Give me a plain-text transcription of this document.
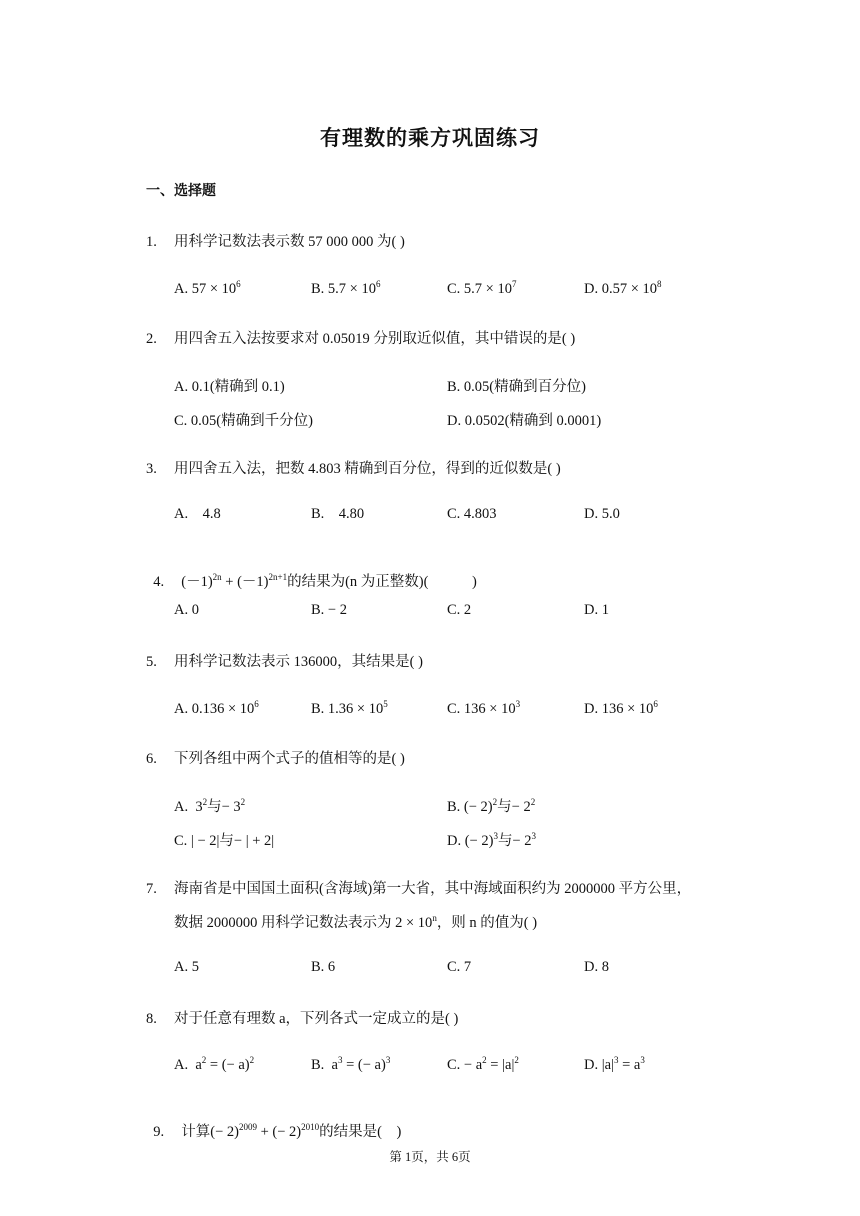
有理数的乘方巩固练习
一、选择题
1. 用科学记数法表示数 57 000 000 为( )
A. $57 \times 10^6$	B. $5.7 \times 10^6$	C. $5.7 \times 10^7$	D. $0.57 \times 10^8$
2. 用四舍五入法按要求对 0.05019 分别取近似值，其中错误的是( )
A. 0.1(精确到 0.1)	B. 0.05(精确到百分位)
C. 0.05(精确到千分位)	D. 0.0502(精确到 0.0001)
3. 用四舍五入法，把数 4.803 精确到百分位，得到的近似数是( )
A.    4.8	B.    4.80	C. 4.803	D. 5.0

4. $(-1)^{2n} + (-1)^{2n+1}$的结果为(n 为正整数)(            )

A. 0	B. − 2	C. 2	D. 1
5. 用科学记数法表示 136000，其结果是( )
A. $0.136 \times 10^6$	B. $1.36 \times 10^5$	C. $136 \times 10^3$	D. $136 \times 10^6$
6. 下列各组中两个式子的值相等的是( )
A.  $3^2$与− $3^2$	B. (− 2)$^2$与− $2^2$
C. | − 2|与− | + 2|	D. (− 2)$^3$与− $2^3$
7. 海南省是中国国土面积(含海域)第一大省，其中海域面积约为 2000000 平方公里，
数据 2000000 用科学记数法表示为 $2 \times 10^n$，则 n 的值为( )
A. 5	B. 6	C. 7	D. 8
8. 对于任意有理数 a，下列各式一定成立的是( )
A.  $a^2$ = (− a)$^2$	B.  $a^3$ = (− a)$^3$	C. − $a^2 = |a|^2$	D. $|a|^3 = a^3$

9. 计算(− 2)$^{2009}$ + (− 2)$^{2010}$的结果是(    )

第 1页，共 6页
